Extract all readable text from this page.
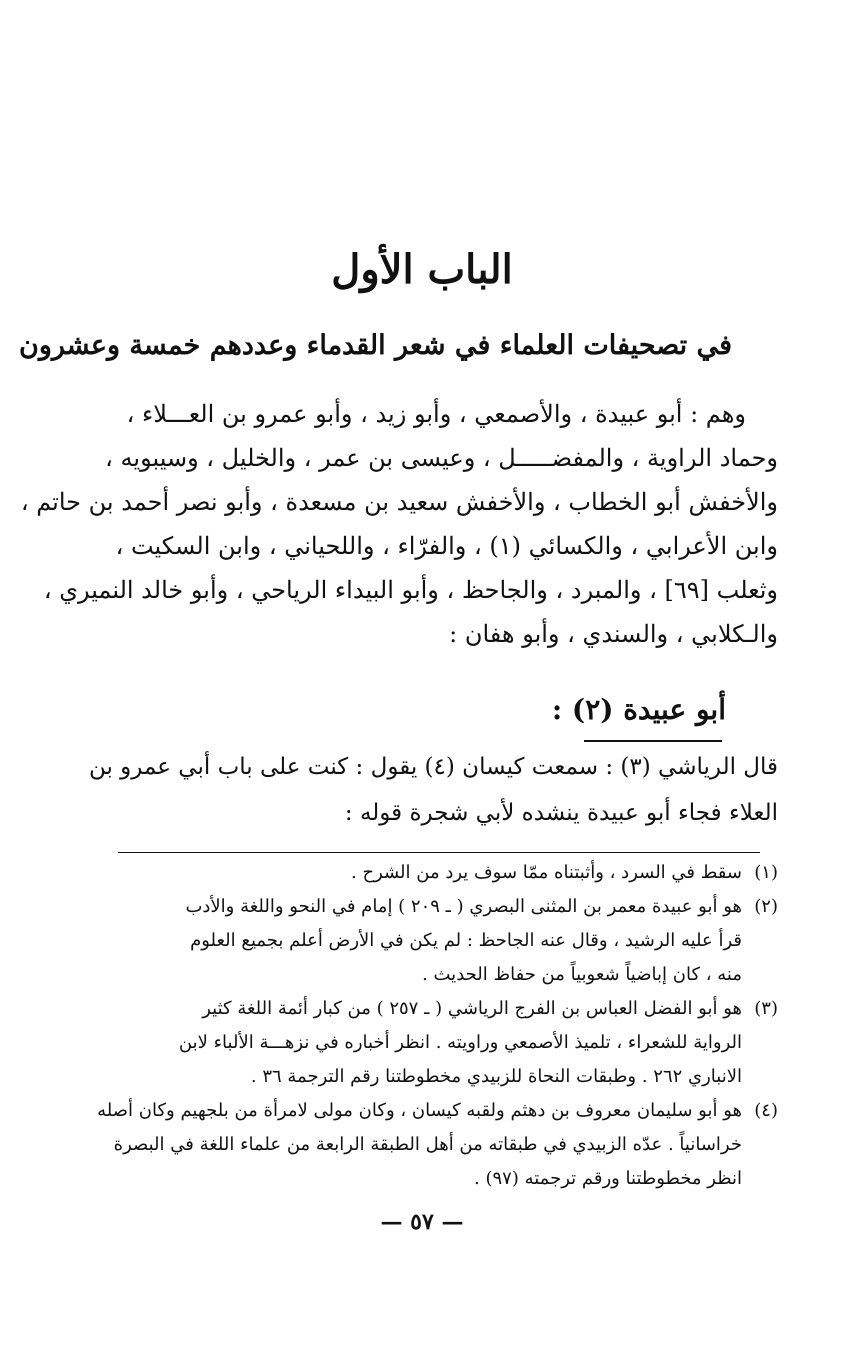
الباب الأول
في تصحيفات العلماء في شعر القدماء وعددهم خمسة وعشرون

وهم : أبو عبيدة ، والأصمعي ، وأبو زيد ، وأبو عمرو بن العـــلاء ،

وحماد الراوية ، والمفضـــــل ، وعيسى بن عمر ، والخليل ، وسيبويه ،

والأخفش أبو الخطاب ، والأخفش سعيد بن مسعدة ، وأبو نصر أحمد بن حاتم ،

وابن الأعرابي ، والكسائي (١) ، والفرّاء ، واللحياني ، وابن السكيت ،

وثعلب [٦٩] ، والمبرد ، والجاحظ ، وأبو البيداء الرياحي ، وأبو خالد النميري ،

والـكلابي ، والسندي ، وأبو هفان :

أبو عبيدة (٢) :

قال الرياشي (٣) : سمعت كيسان (٤) يقول : كنت على باب أبي عمرو بن

العلاء فجاء أبو عبيدة ينشده لأبي شجرة قوله :

(١)
سقط في السرد ، وأثبتناه ممّا سوف يرد من الشرح .
(٢)
هو أبو عبيدة معمر بن المثنى البصري ( ـ ٢٠٩ ) إمام في النحو واللغة والأدب
قرأ عليه الرشيد ، وقال عنه الجاحظ : لم يكن في الأرض أعلم بجميع العلوم
منه ، كان إباضياً شعوبياً من حفاظ الحديث .
(٣)
هو أبو الفضل العباس بن الفرج الرياشي ( ـ ٢٥٧ ) من كبار أئمة اللغة كثير
الرواية للشعراء ، تلميذ الأصمعي وراويته . انظر أخباره في نزهـــة الألباء لابن
الانباري ٢٦٢ . وطبقات النحاة للزبيدي مخطوطتنا رقم الترجمة ٣٦ .
(٤)
هو أبو سليمان معروف بن دهثم ولقبه كيسان ، وكان مولى لامرأة من بلجهيم وكان أصله
خراسانياً . عدّه الزبيدي في طبقاته من أهل الطبقة الرابعة من علماء اللغة في البصرة
انظر مخطوطتنا ورقم ترجمته (٩٧) .
— ٥٧ —
